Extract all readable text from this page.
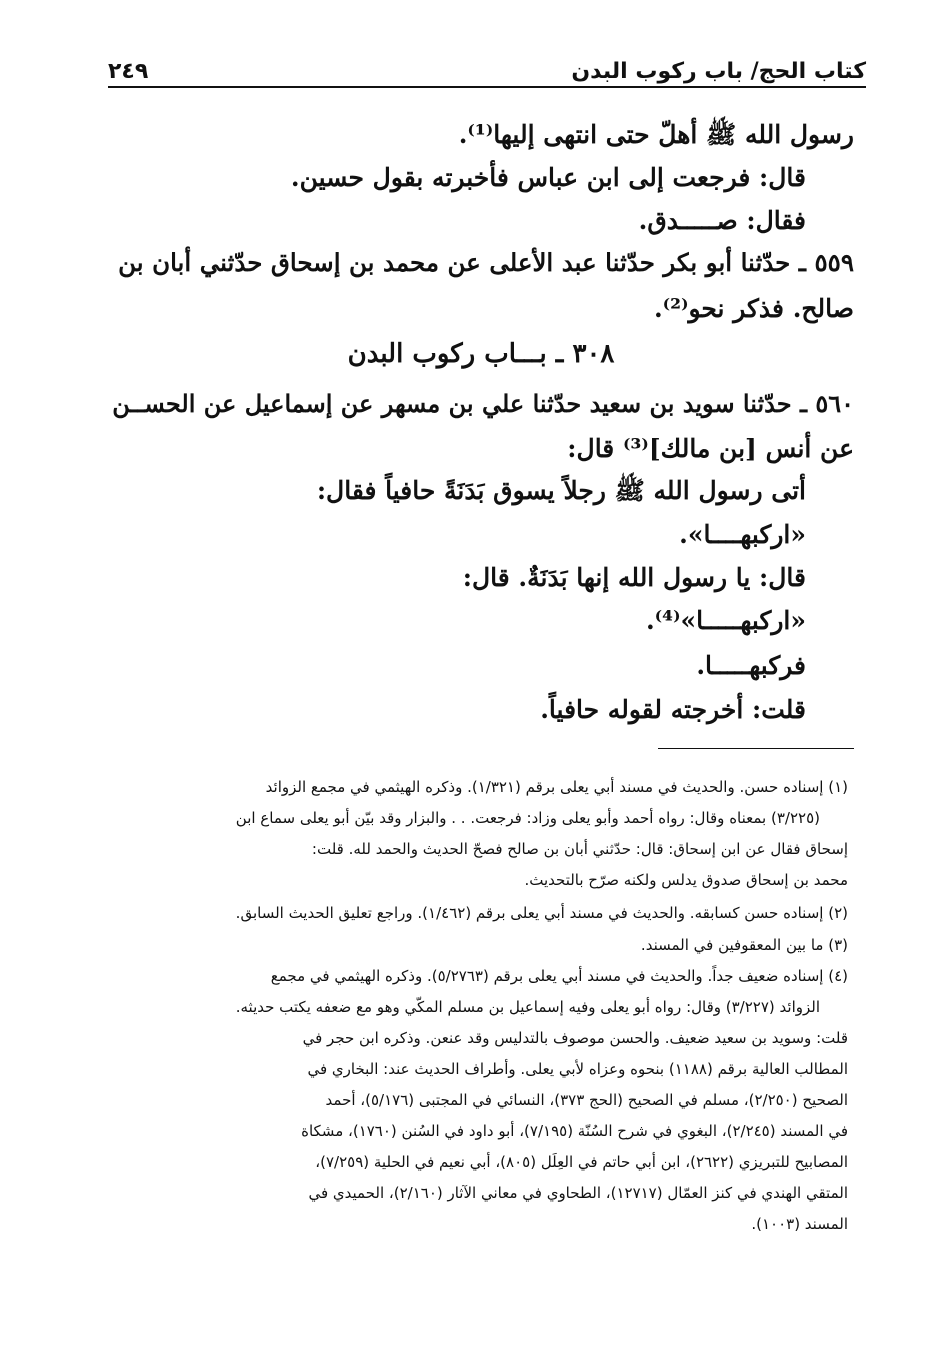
كتاب الحج/ باب ركوب البدن
٢٤٩
رسول الله ﷺ أهلّ حتى انتهى إليها⁽¹⁾.
قال: فرجعت إلى ابن عباس فأخبرته بقول حسين.
فقال: صـــــدق.
٥٥٩ ـ حدّثنا أبو بكر حدّثنا عبد الأعلى عن محمد بن إسحاق حدّثني أبان بن
صالح. فذكر نحو⁽²⁾.
٣٠٨ ـ بـــاب ركوب البدن
٥٦٠ ـ حدّثنا سويد بن سعيد حدّثنا علي بن مسهر عن إسماعيل عن الحســن
عن أنس [بن مالك]⁽³⁾ قال:
أتى رسول الله ﷺ رجلاً يسوق بَدَنَةً حافياً فقال:
«اركبهــــا».
قال: يا رسول الله إنها بَدَنَةٌ. قال:
«اركبهـــــا»⁽⁴⁾.
فركبهـــــا.
قلت: أخرجته لقوله حافياً.
(١) إسناده حسن. والحديث في مسند أبي يعلى برقم (١/٣٢١). وذكره الهيثمي في مجمع الزوائد
(٣/٢٢٥) بمعناه وقال: رواه أحمد وأبو يعلى وزاد: فرجعت. . . والبزار وقد بيّن أبو يعلى سماع ابن
إسحاق فقال عن ابن إسحاق: قال: حدّثني أبان بن صالح فصحّ الحديث والحمد لله. قلت:
محمد بن إسحاق صدوق يدلس ولكنه صرّح بالتحديث.
(٢) إسناده حسن كسابقه. والحديث في مسند أبي يعلى برقم (١/٤٦٢). وراجع تعليق الحديث السابق.
(٣) ما بين المعقوفين في المسند.
(٤) إسناده ضعيف جداً. والحديث في مسند أبي يعلى برقم (٥/٢٧٦٣). وذكره الهيثمي في مجمع
الزوائد (٣/٢٢٧) وقال: رواه أبو يعلى وفيه إسماعيل بن مسلم المكّي وهو مع ضعفه يكتب حديثه.
قلت: وسويد بن سعيد ضعيف. والحسن موصوف بالتدليس وقد عنعن. وذكره ابن حجر في
المطالب العالية برقم (١١٨٨) بنحوه وعزاه لأبي يعلى. وأطراف الحديث عند: البخاري في
الصحيح (٢/٢٥٠)، مسلم في الصحيح (الحج ٣٧٣)، النسائي في المجتبى (٥/١٧٦)، أحمد
في المسند (٢/٢٤٥)، البغوي في شرح السُنّة (٧/١٩٥)، أبو داود في السُنن (١٧٦٠)، مشكاة
المصابيح للتبريزي (٢٦٢٢)، ابن أبي حاتم في العِلَل (٨٠٥)، أبي نعيم في الحلية (٧/٢٥٩)،
المتقي الهندي في كنز العمّال (١٢٧١٧)، الطحاوي في معاني الآثار (٢/١٦٠)، الحميدي في
المسند (١٠٠٣).
